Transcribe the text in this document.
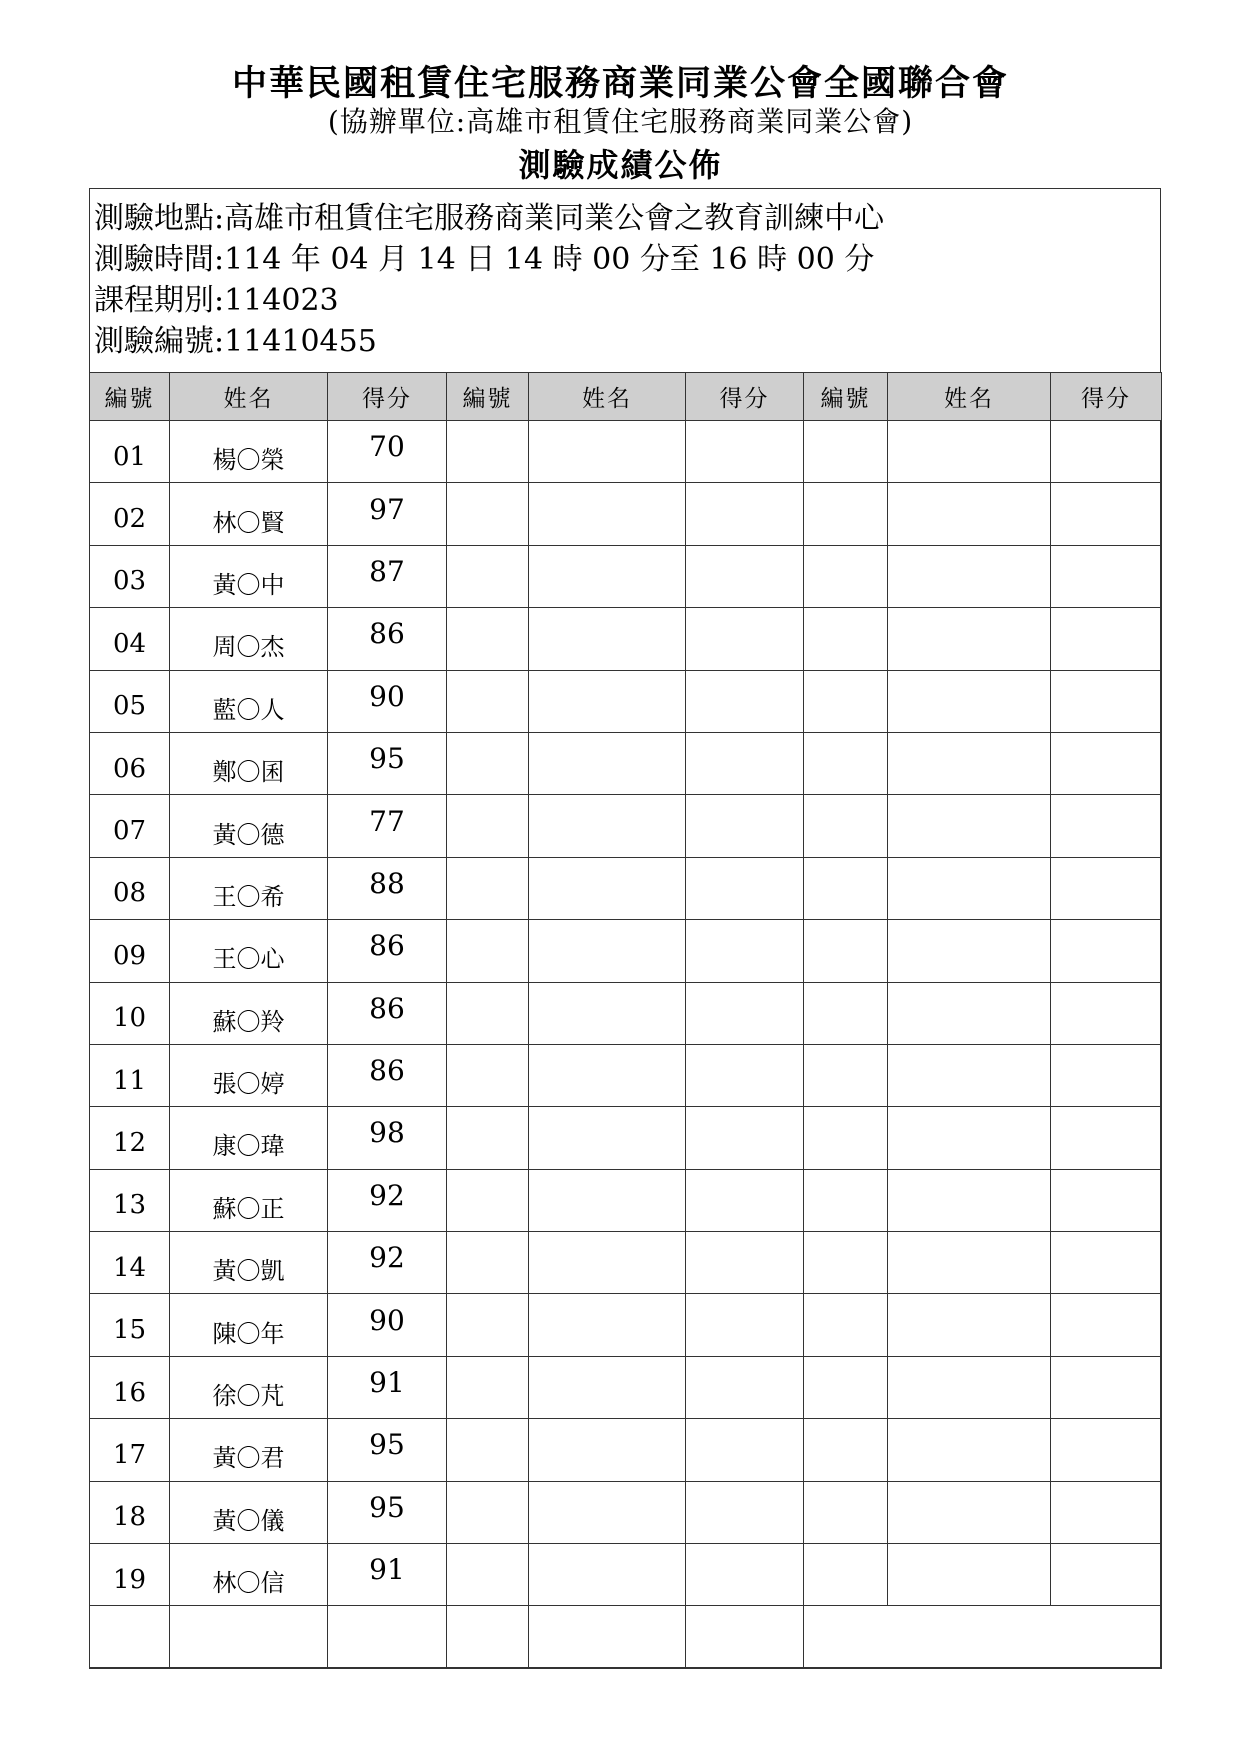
中華民國租賃住宅服務商業同業公會全國聯合會
(協辦單位:高雄市租賃住宅服務商業同業公會)
測驗成績公佈
測驗地點:高雄市租賃住宅服務商業同業公會之教育訓練中心
測驗時間:114 年 04 月 14 日 14 時 00 分至 16 時 00 分
課程期別:114023
測驗編號:11410455
編號	姓名	得分	編號	姓名	得分	編號	姓名	得分
01	楊〇榮	70						
02	林〇賢	97						
03	黃〇中	87						
04	周〇杰	86						
05	藍〇人	90						
06	鄭〇囷	95						
07	黃〇德	77						
08	王〇希	88						
09	王〇心	86						
10	蘇〇羚	86						
11	張〇婷	86						
12	康〇瑋	98						
13	蘇〇正	92						
14	黃〇凱	92						
15	陳〇年	90						
16	徐〇芃	91						
17	黃〇君	95						
18	黃〇儀	95						
19	林〇信	91						
